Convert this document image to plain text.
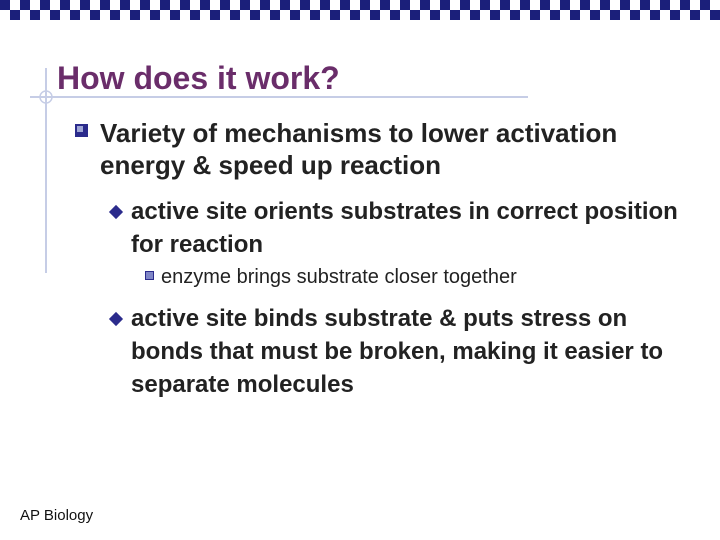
How does it work?

Variety of mechanisms to lower activation energy & speed up reaction

active site orients substrates in correct position for reaction

enzyme brings substrate closer together

active site binds substrate & puts stress on bonds that must be broken, making it easier to separate molecules

AP Biology
